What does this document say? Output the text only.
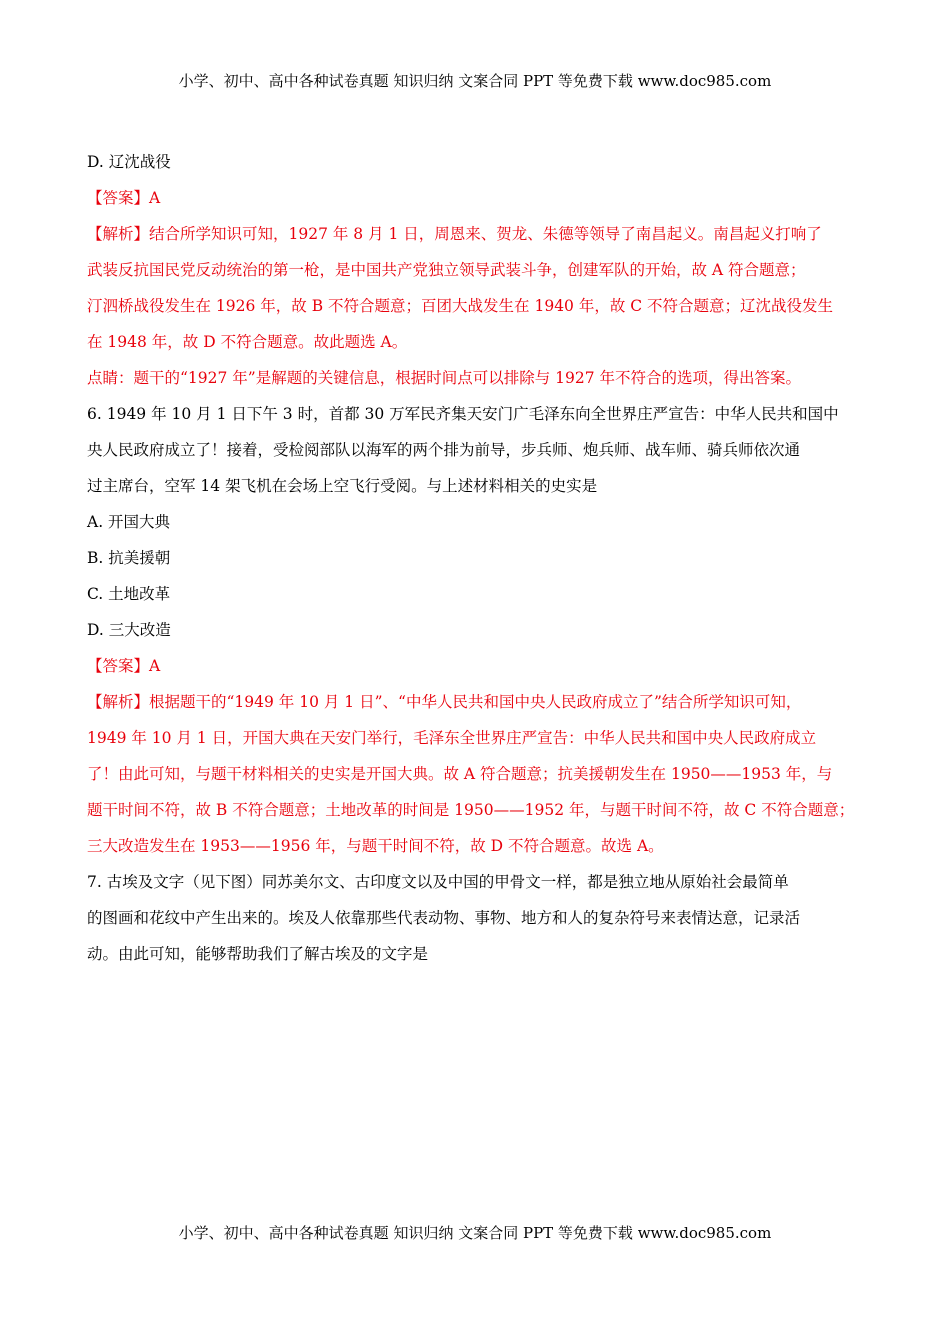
小学、初中、高中各种试卷真题 知识归纳 文案合同 PPT 等免费下载 www.doc985.com
D. 辽沈战役
【答案】A
【解析】结合所学知识可知，1927 年 8 月 1 日，周恩来、贺龙、朱德等领导了南昌起义。南昌起义打响了
武装反抗国民党反动统治的第一枪，是中国共产党独立领导武装斗争，创建军队的开始，故 A 符合题意；
汀泗桥战役发生在 1926 年，故 B 不符合题意；百团大战发生在 1940 年，故 C 不符合题意；辽沈战役发生
在 1948 年，故 D 不符合题意。故此题选 A。
点睛：题干的“1927 年”是解题的关键信息，根据时间点可以排除与 1927 年不符合的选项，得出答案。
6. 1949 年 10 月 1 日下午 3 时，首都 30 万军民齐集天安门广毛泽东向全世界庄严宣告：中华人民共和国中
央人民政府成立了！接着，受检阅部队以海军的两个排为前导，步兵师、炮兵师、战车师、骑兵师依次通
过主席台，空军 14 架飞机在会场上空飞行受阅。与上述材料相关的史实是
A. 开国大典
B. 抗美援朝
C. 土地改革
D. 三大改造
【答案】A
【解析】根据题干的“1949 年 10 月 1 日”、“中华人民共和国中央人民政府成立了”结合所学知识可知，
1949 年 10 月 1 日，开国大典在天安门举行，毛泽东全世界庄严宣告：中华人民共和国中央人民政府成立
了！由此可知，与题干材料相关的史实是开国大典。故 A 符合题意；抗美援朝发生在 1950——1953 年，与
题干时间不符，故 B 不符合题意；土地改革的时间是 1950——1952 年，与题干时间不符，故 C 不符合题意；
三大改造发生在 1953——1956 年，与题干时间不符，故 D 不符合题意。故选 A。
7. 古埃及文字（见下图）同苏美尔文、古印度文以及中国的甲骨文一样，都是独立地从原始社会最简单
的图画和花纹中产生出来的。埃及人依靠那些代表动物、事物、地方和人的复杂符号来表情达意，记录活
动。由此可知，能够帮助我们了解古埃及的文字是
小学、初中、高中各种试卷真题 知识归纳 文案合同 PPT 等免费下载 www.doc985.com
